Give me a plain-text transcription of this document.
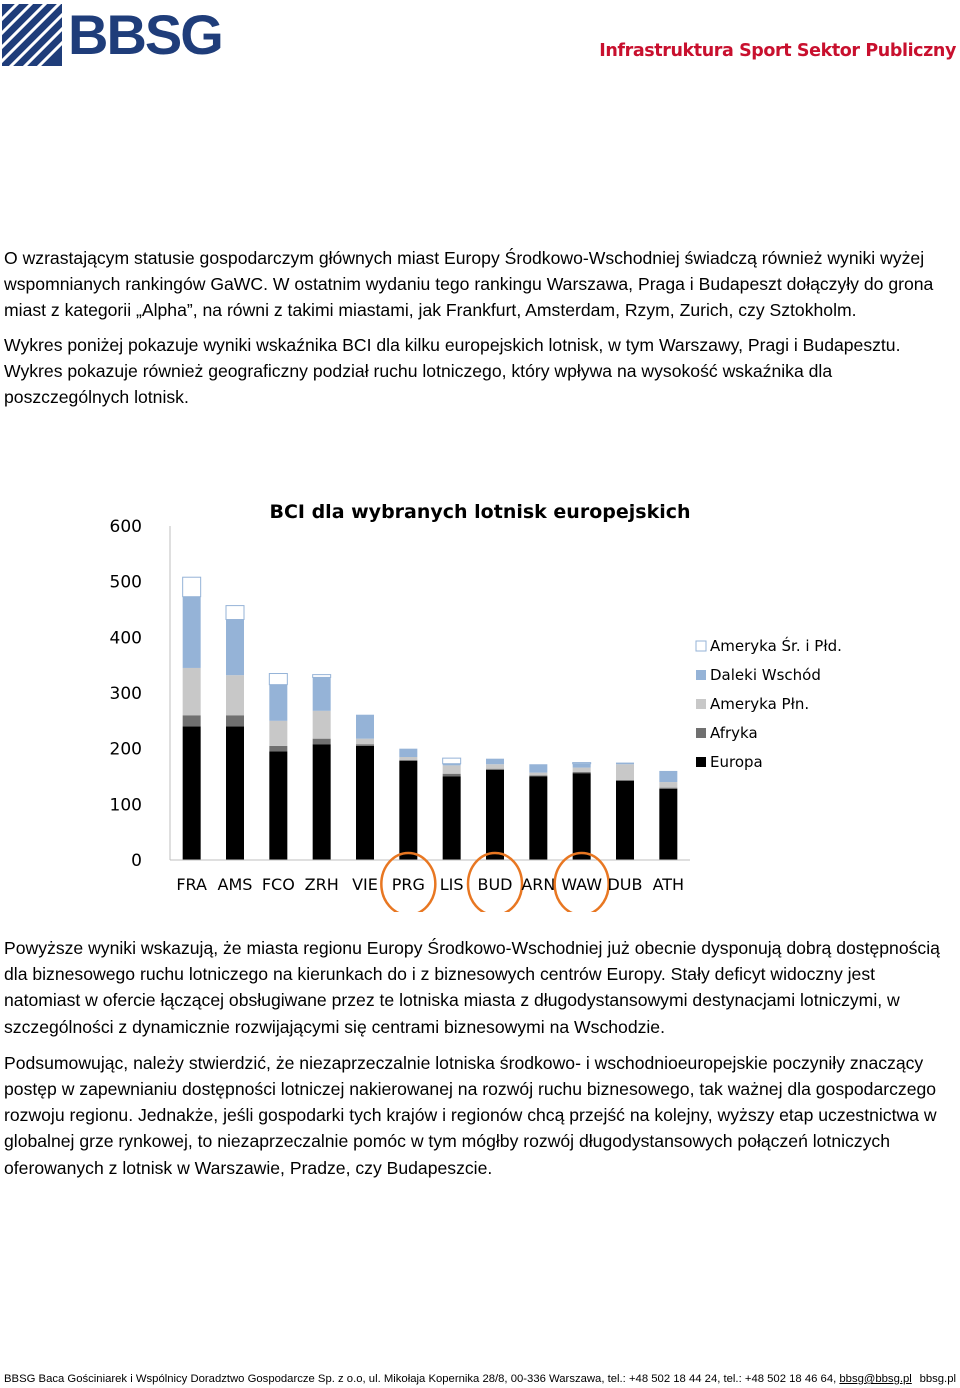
BBSG	Infrastruktura Sport Sektor Publiczny

O wzrastającym statusie gospodarczym głównych miast Europy Środkowo-Wschodniej świadczą również wyniki wyżej wspomnianych rankingów GaWC. W ostatnim wydaniu tego rankingu Warszawa, Praga i Budapeszt dołączyły do grona miast z kategorii „Alpha”, na równi z takimi miastami, jak Frankfurt, Amsterdam, Rzym, Zurich, czy Sztokholm.

Wykres poniżej pokazuje wyniki wskaźnika BCI dla kilku europejskich lotnisk, w tym Warszawy, Pragi i Budapesztu. Wykres pokazuje również geograficzny podział ruchu lotniczego, który wpływa na wysokość wskaźnika dla poszczególnych lotnisk.

BCI dla wybranych lotnisk europejskich
0
100
200
300
400
500
600
FRA AMS FCO ZRH VIE PRG LIS BUD ARN WAW DUB ATH
Ameryka Śr. i Płd.
Daleki Wschód
Ameryka Płn.
Afryka
Europa

Powyższe wyniki wskazują, że miasta regionu Europy Środkowo-Wschodniej już obecnie dysponują dobrą dostępnością dla biznesowego ruchu lotniczego na kierunkach do i z biznesowych centrów Europy. Stały deficyt widoczny jest natomiast w ofercie łączącej obsługiwane przez te lotniska miasta z długodystansowymi destynacjami lotniczymi, w szczególności z dynamicznie rozwijającymi się centrami biznesowymi na Wschodzie.

Podsumowując, należy stwierdzić, że niezaprzeczalnie lotniska środkowo- i wschodnioeuropejskie poczyniły znaczący postęp w zapewnianiu dostępności lotniczej nakierowanej na rozwój ruchu biznesowego, tak ważnej dla gospodarczego rozwoju regionu. Jednakże, jeśli gospodarki tych krajów i regionów chcą przejść na kolejny, wyższy etap uczestnictwa w globalnej grze rynkowej, to niezaprzeczalnie pomóc w tym mógłby rozwój długodystansowych połączeń lotniczych oferowanych z lotnisk w Warszawie, Pradze, czy Budapeszcie.

BBSG Baca Gościniarek i Wspólnicy Doradztwo Gospodarcze Sp. z o.o, ul. Mikołaja Kopernika 28/8, 00-336 Warszawa, tel.: +48 502 18 44 24, tel.: +48 502 18 46 64, bbsg@bbsg.pl bbsg.pl
